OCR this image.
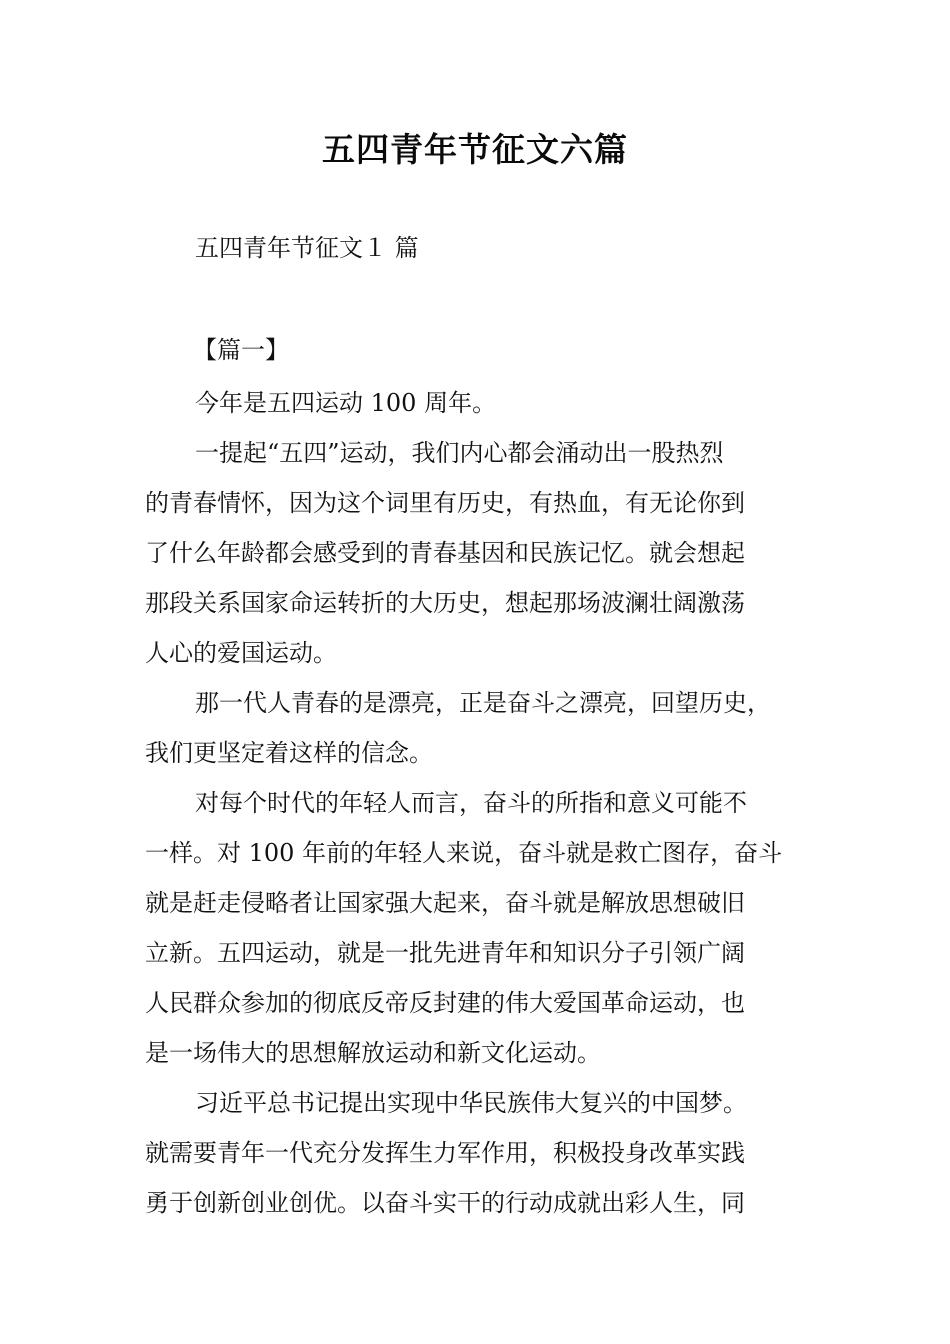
五四青年节征文六篇
五四青年节征文１ 篇
【篇一】
今年是五四运动 100 周年。
一提起“五四”运动，我们内心都会涌动出一股热烈
的青春情怀，因为这个词里有历史，有热血，有无论你到
了什么年龄都会感受到的青春基因和民族记忆。就会想起
那段关系国家命运转折的大历史，想起那场波澜壮阔激荡
人心的爱国运动。
那一代人青春的是漂亮，正是奋斗之漂亮，回望历史，
我们更坚定着这样的信念。
对每个时代的年轻人而言，奋斗的所指和意义可能不
一样。对 100 年前的年轻人来说，奋斗就是救亡图存，奋斗
就是赶走侵略者让国家强大起来，奋斗就是解放思想破旧
立新。五四运动，就是一批先进青年和知识分子引领广阔
人民群众参加的彻底反帝反封建的伟大爱国革命运动，也
是一场伟大的思想解放运动和新文化运动。
习近平总书记提出实现中华民族伟大复兴的中国梦。
就需要青年一代充分发挥生力军作用，积极投身改革实践
勇于创新创业创优。以奋斗实干的行动成就出彩人生，同
